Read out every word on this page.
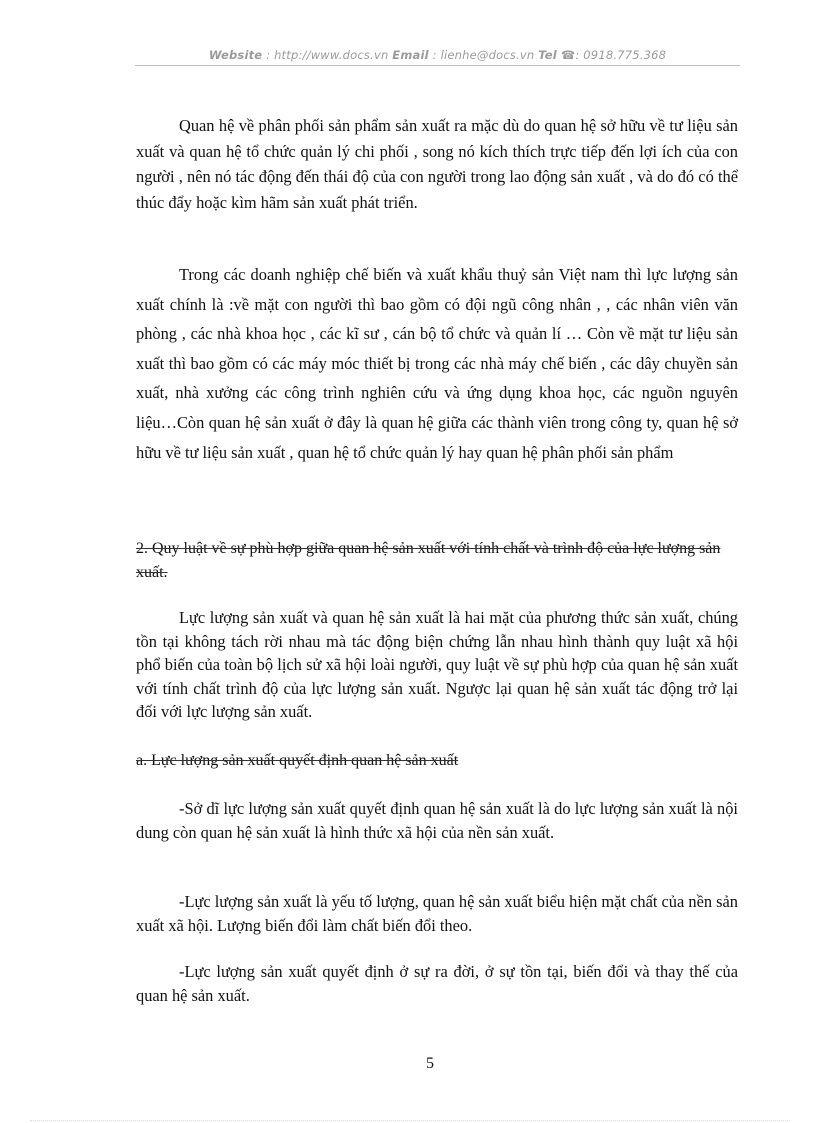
Website : http://www.docs.vn Email : lienhe@docs.vn Tel ☎: 0918.775.368

Quan hệ về phân phối sản phẩm sản xuất ra mặc dù do quan hệ sở hữu về tư liệu sản xuất và quan hệ tổ chức quản lý chi phối , song nó kích thích trực tiếp đến lợi ích của con người , nên nó tác động đến thái độ của con người trong lao động sản xuất , và do đó có thể thúc đẩy hoặc kìm hãm sản xuất phát triển.

Trong các doanh nghiệp chế biến và xuất khẩu thuỷ sản Việt nam thì lực lượng sản xuất chính là :về mặt con người thì bao gồm có đội ngũ công nhân , , các nhân viên văn phòng , các nhà khoa học , các kĩ sư , cán bộ tổ chức và quản lí … Còn về mặt tư liệu sản xuất thì bao gồm có các máy móc thiết bị trong các nhà máy chế biến , các dây chuyền sản xuất, nhà xưởng các công trình nghiên cứu và ứng dụng khoa học, các nguồn nguyên liệu…Còn quan hệ sản xuất ở đây là quan hệ giữa các thành viên trong công ty, quan hệ sở hữu về tư liệu sản xuất , quan hệ tổ chức quản lý hay quan hệ phân phối sản phẩm

2. Quy luật về sự phù hợp giữa quan hệ sản xuất với tính chất và trình độ của lực lượng sản xuất.

Lực lượng sản xuất và quan hệ sản xuất là hai mặt của phương thức sản xuất, chúng tồn tại không tách rời nhau mà tác động biện chứng lẫn nhau hình thành quy luật xã hội phổ biến của toàn bộ lịch sử xã hội loài người, quy luật về sự phù hợp của quan hệ sản xuất với tính chất trình độ của lực lượng sản xuất. Ngược lại quan hệ sản xuất tác động trở lại đối với lực lượng sản xuất.

a. Lực lượng sản xuất quyết định quan hệ sản xuất

-Sở dĩ lực lượng sản xuất quyết định quan hệ sản xuất là do lực lượng sản xuất là nội dung còn quan hệ sản xuất là hình thức xã hội của nền sản xuất.

-Lực lượng sản xuất là yếu tố lượng, quan hệ sản xuất biểu hiện mặt chất của nền sản xuất xã hội. Lượng biến đổi làm chất biến đổi theo.

-Lực lượng sản xuất quyết định ở sự ra đời, ở sự tồn tại, biến đổi và thay thế của quan hệ sản xuất.

5
